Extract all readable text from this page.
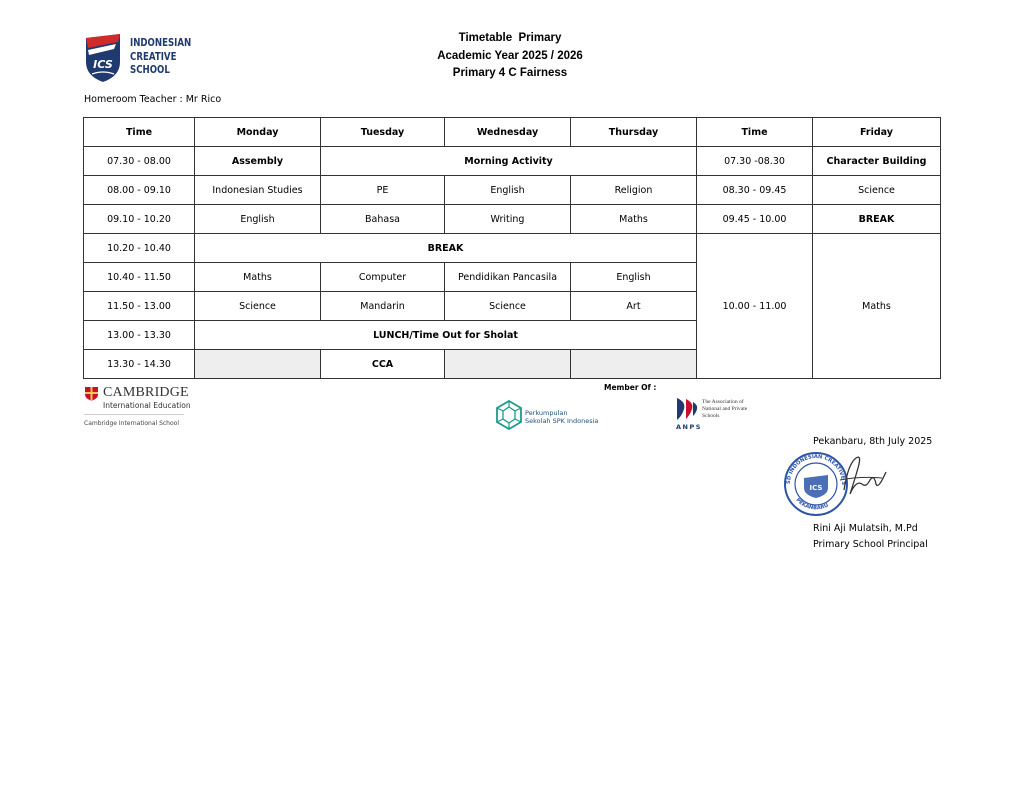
ICS
INDONESIAN
CREATIVE
SCHOOL
Timetable  Primary
Academic Year 2025 / 2026
Primary 4 C Fairness
Homeroom Teacher : Mr Rico
Time	Monday	Tuesday	Wednesday	Thursday	Time	Friday
07.30 - 08.00	Assembly	Morning Activity			07.30 -08.30	Character Building
08.00 - 09.10	Indonesian Studies	PE	English	Religion	08.30 - 09.45	Science
09.10 - 10.20	English	Bahasa	Writing	Maths	09.45 - 10.00	BREAK
10.20 - 10.40	BREAK				10.00 - 11.00	Maths
10.40 - 11.50	Maths	Computer	Pendidikan Pancasila	English		
11.50 - 13.00	Science	Mandarin	Science	Art		
13.00 - 13.30	LUNCH/Time Out for Sholat					
13.30 - 14.30		CCA				
CAMBRIDGE
International Education
Cambridge International School
Member Of :
Perkumpulan
Sekolah SPK Indonesia
The Association of
National and Private
Schools
ANPS
Pekanbaru, 8th July 2025
ICS
SD INDONESIAN CREATIVE S
PEKANBARU
Rini Aji Mulatsih, M.Pd
Primary School Principal
